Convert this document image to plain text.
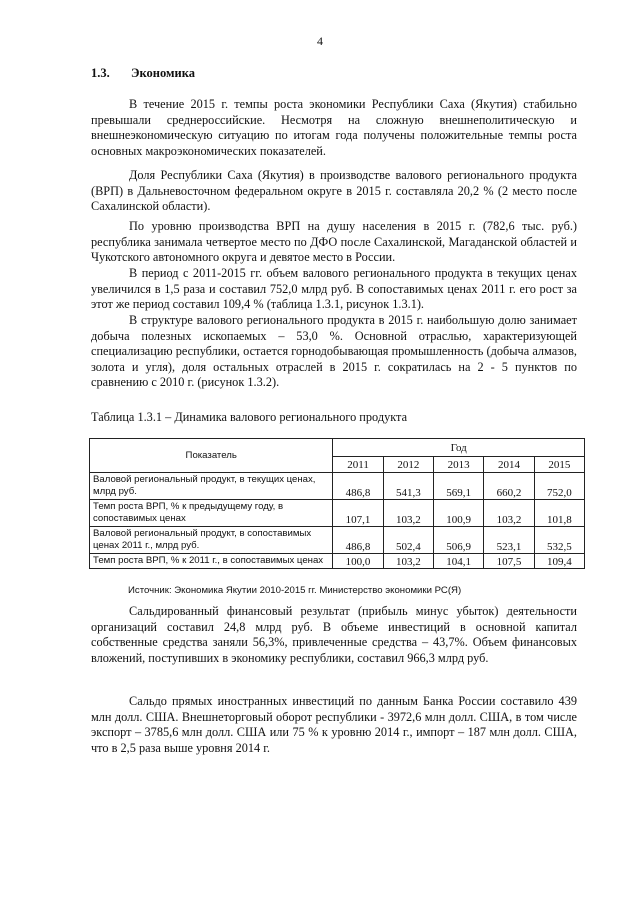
4
1.3. Экономика

В течение 2015 г. темпы роста экономики Республики Саха (Якутия) стабильно превышали среднероссийские. Несмотря на сложную внешнеполитическую и внешнеэкономическую ситуацию по итогам года получены положительные темпы роста основных макроэкономических показателей.

Доля Республики Саха (Якутия) в производстве валового регионального продукта (ВРП) в Дальневосточном федеральном округе в 2015 г. составляла 20,2 % (2 место после Сахалинской области).

По уровню производства ВРП на душу населения в 2015 г. (782,6 тыс. руб.) республика занимала четвертое место по ДФО после Сахалинской, Магаданской областей и Чукотского автономного округа и девятое место в России.

В период с 2011-2015 гг. объем валового регионального продукта в текущих ценах увеличился в 1,5 раза и составил 752,0 млрд руб. В сопоставимых ценах 2011 г. его рост за этот же период составил 109,4 % (таблица 1.3.1, рисунок 1.3.1).

В структуре валового регионального продукта в 2015 г. наибольшую долю занимает добыча полезных ископаемых – 53,0 %. Основной отраслью, характеризующей специализацию республики, остается горнодобывающая промышленность (добыча алмазов, золота и угля), доля остальных отраслей в 2015 г. сократилась на 2 - 5 пунктов по сравнению с 2010 г. (рисунок 1.3.2).

Таблица 1.3.1 – Динамика валового регионального продукта
Показатель	Год				
	2011	2012	2013	2014	2015
Валовой региональный продукт, в текущих ценах, млрд руб.	486,8	541,3	569,1	660,2	752,0
Темп роста ВРП, % к предыдущему году, в сопоставимых ценах	107,1	103,2	100,9	103,2	101,8
Валовой региональный продукт, в сопоставимых ценах 2011 г., млрд руб.	486,8	502,4	506,9	523,1	532,5
Темп роста ВРП, % к 2011 г., в сопоставимых ценах	100,0	103,2	104,1	107,5	109,4
Источник: Экономика Якутии 2010-2015 гг. Министерство экономики РС(Я)

Сальдированный финансовый результат (прибыль минус убыток) деятельности организаций составил 24,8 млрд руб. В объеме инвестиций в основной капитал собственные средства заняли 56,3%, привлеченные средства – 43,7%. Объем финансовых вложений, поступивших в экономику республики, составил 966,3 млрд руб.

Сальдо прямых иностранных инвестиций по данным Банка России составило 439 млн долл. США. Внешнеторговый оборот республики - 3972,6 млн долл. США, в том числе экспорт – 3785,6 млн долл. США или 75 % к уровню 2014 г., импорт – 187 млн долл. США, что в 2,5 раза выше уровня 2014 г.
